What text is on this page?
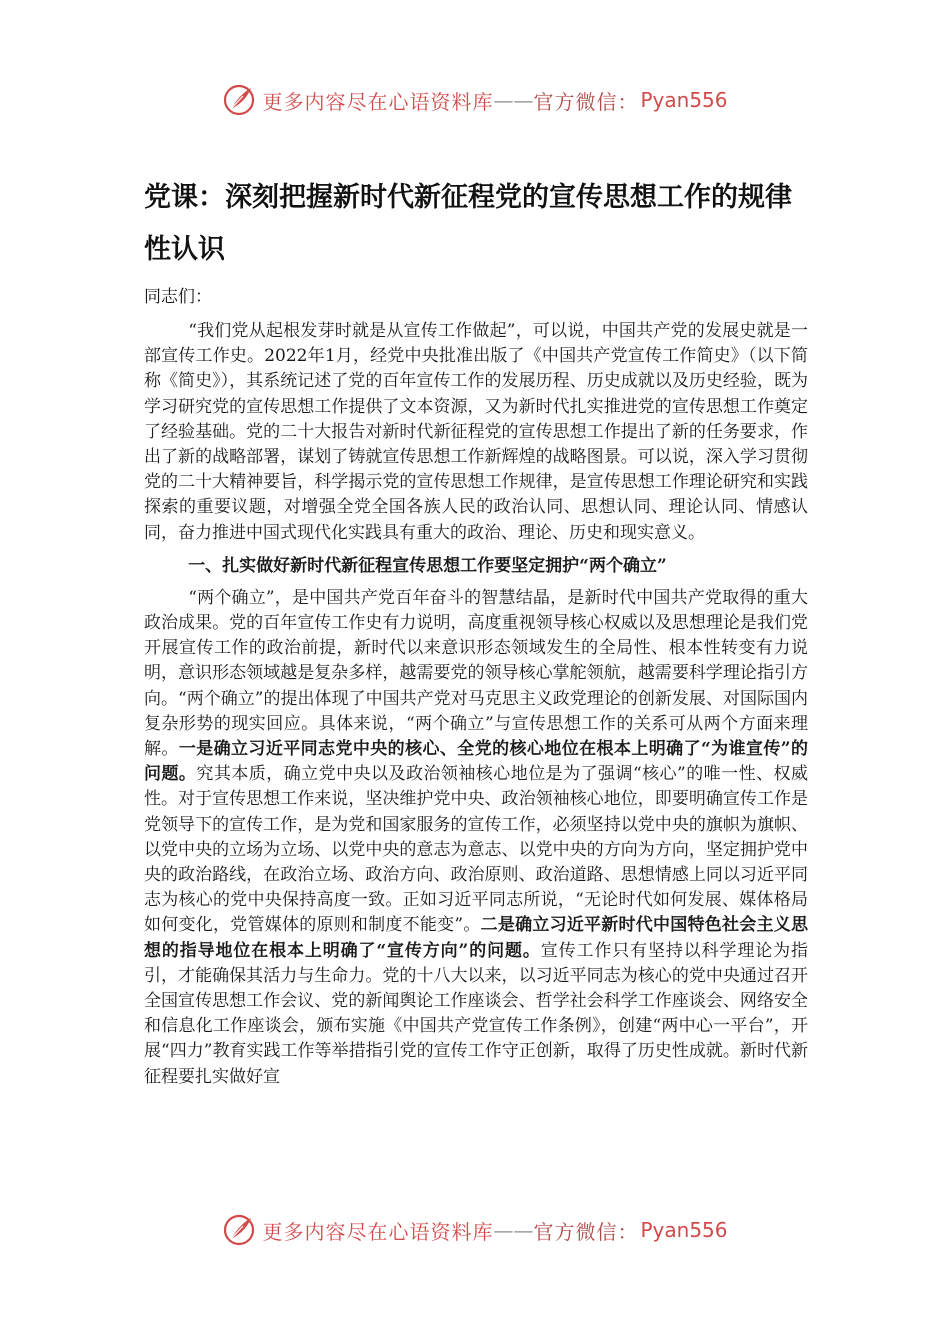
更多内容尽在心语资料库 —— 官方微信： Pyan556
党课：深刻把握新时代新征程党的宣传思想工作的规律性认识
同志们：

“我们党从起根发芽时就是从宣传工作做起”，可以说，中国共产党的发展史就是一部宣传工作史。2022年1月，经党中央批准出版了《中国共产党宣传工作简史》（以下简称《简史》），其系统记述了党的百年宣传工作的发展历程、历史成就以及历史经验，既为学习研究党的宣传思想工作提供了文本资源，又为新时代扎实推进党的宣传思想工作奠定了经验基础。党的二十大报告对新时代新征程党的宣传思想工作提出了新的任务要求，作出了新的战略部署，谋划了铸就宣传思想工作新辉煌的战略图景。可以说，深入学习贯彻党的二十大精神要旨，科学揭示党的宣传思想工作规律，是宣传思想工作理论研究和实践探索的重要议题，对增强全党全国各族人民的政治认同、思想认同、理论认同、情感认同，奋力推进中国式现代化实践具有重大的政治、理论、历史和现实意义。

一、扎实做好新时代新征程宣传思想工作要坚定拥护“两个确立”

“两个确立”，是中国共产党百年奋斗的智慧结晶，是新时代中国共产党取得的重大政治成果。党的百年宣传工作史有力说明，高度重视领导核心权威以及思想理论是我们党开展宣传工作的政治前提，新时代以来意识形态领域发生的全局性、根本性转变有力说明，意识形态领域越是复杂多样，越需要党的领导核心掌舵领航，越需要科学理论指引方向。“两个确立”的提出体现了中国共产党对马克思主义政党理论的创新发展、对国际国内复杂形势的现实回应。具体来说，“两个确立”与宣传思想工作的关系可从两个方面来理解。一是确立习近平同志党中央的核心、全党的核心地位在根本上明确了“为谁宣传”的问题。究其本质，确立党中央以及政治领袖核心地位是为了强调“核心”的唯一性、权威性。对于宣传思想工作来说，坚决维护党中央、政治领袖核心地位，即要明确宣传工作是党领导下的宣传工作，是为党和国家服务的宣传工作，必须坚持以党中央的旗帜为旗帜、以党中央的立场为立场、以党中央的意志为意志、以党中央的方向为方向，坚定拥护党中央的政治路线，在政治立场、政治方向、政治原则、政治道路、思想情感上同以习近平同志为核心的党中央保持高度一致。正如习近平同志所说，“无论时代如何发展、媒体格局如何变化，党管媒体的原则和制度不能变”。二是确立习近平新时代中国特色社会主义思想的指导地位在根本上明确了“宣传方向”的问题。宣传工作只有坚持以科学理论为指引，才能确保其活力与生命力。党的十八大以来，以习近平同志为核心的党中央通过召开全国宣传思想工作会议、党的新闻舆论工作座谈会、哲学社会科学工作座谈会、网络安全和信息化工作座谈会，颁布实施《中国共产党宣传工作条例》，创建“两中心一平台”，开展“四力”教育实践工作等举措指引党的宣传工作守正创新，取得了历史性成就。新时代新征程要扎实做好宣

更多内容尽在心语资料库 —— 官方微信： Pyan556
